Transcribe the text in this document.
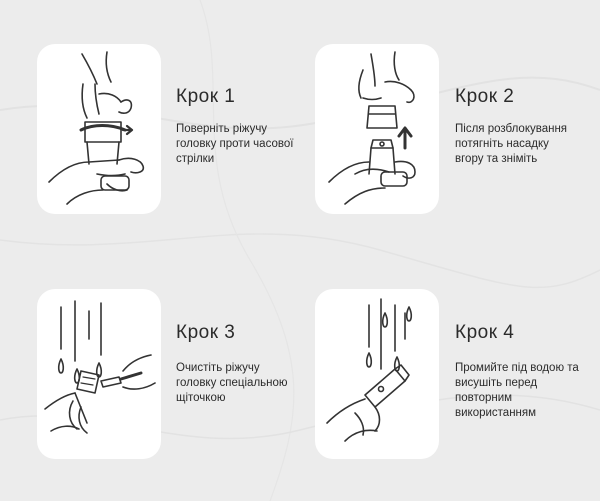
Крок 1
Поверніть ріжучу головку проти часової стрілки
Крок 2
Після розблокування потягніть насадку вгору та зніміть
Крок 3
Очистіть ріжучу головку спеціальною щіточкою
Крок 4
Промийте під водою та висушіть перед повторним використанням
